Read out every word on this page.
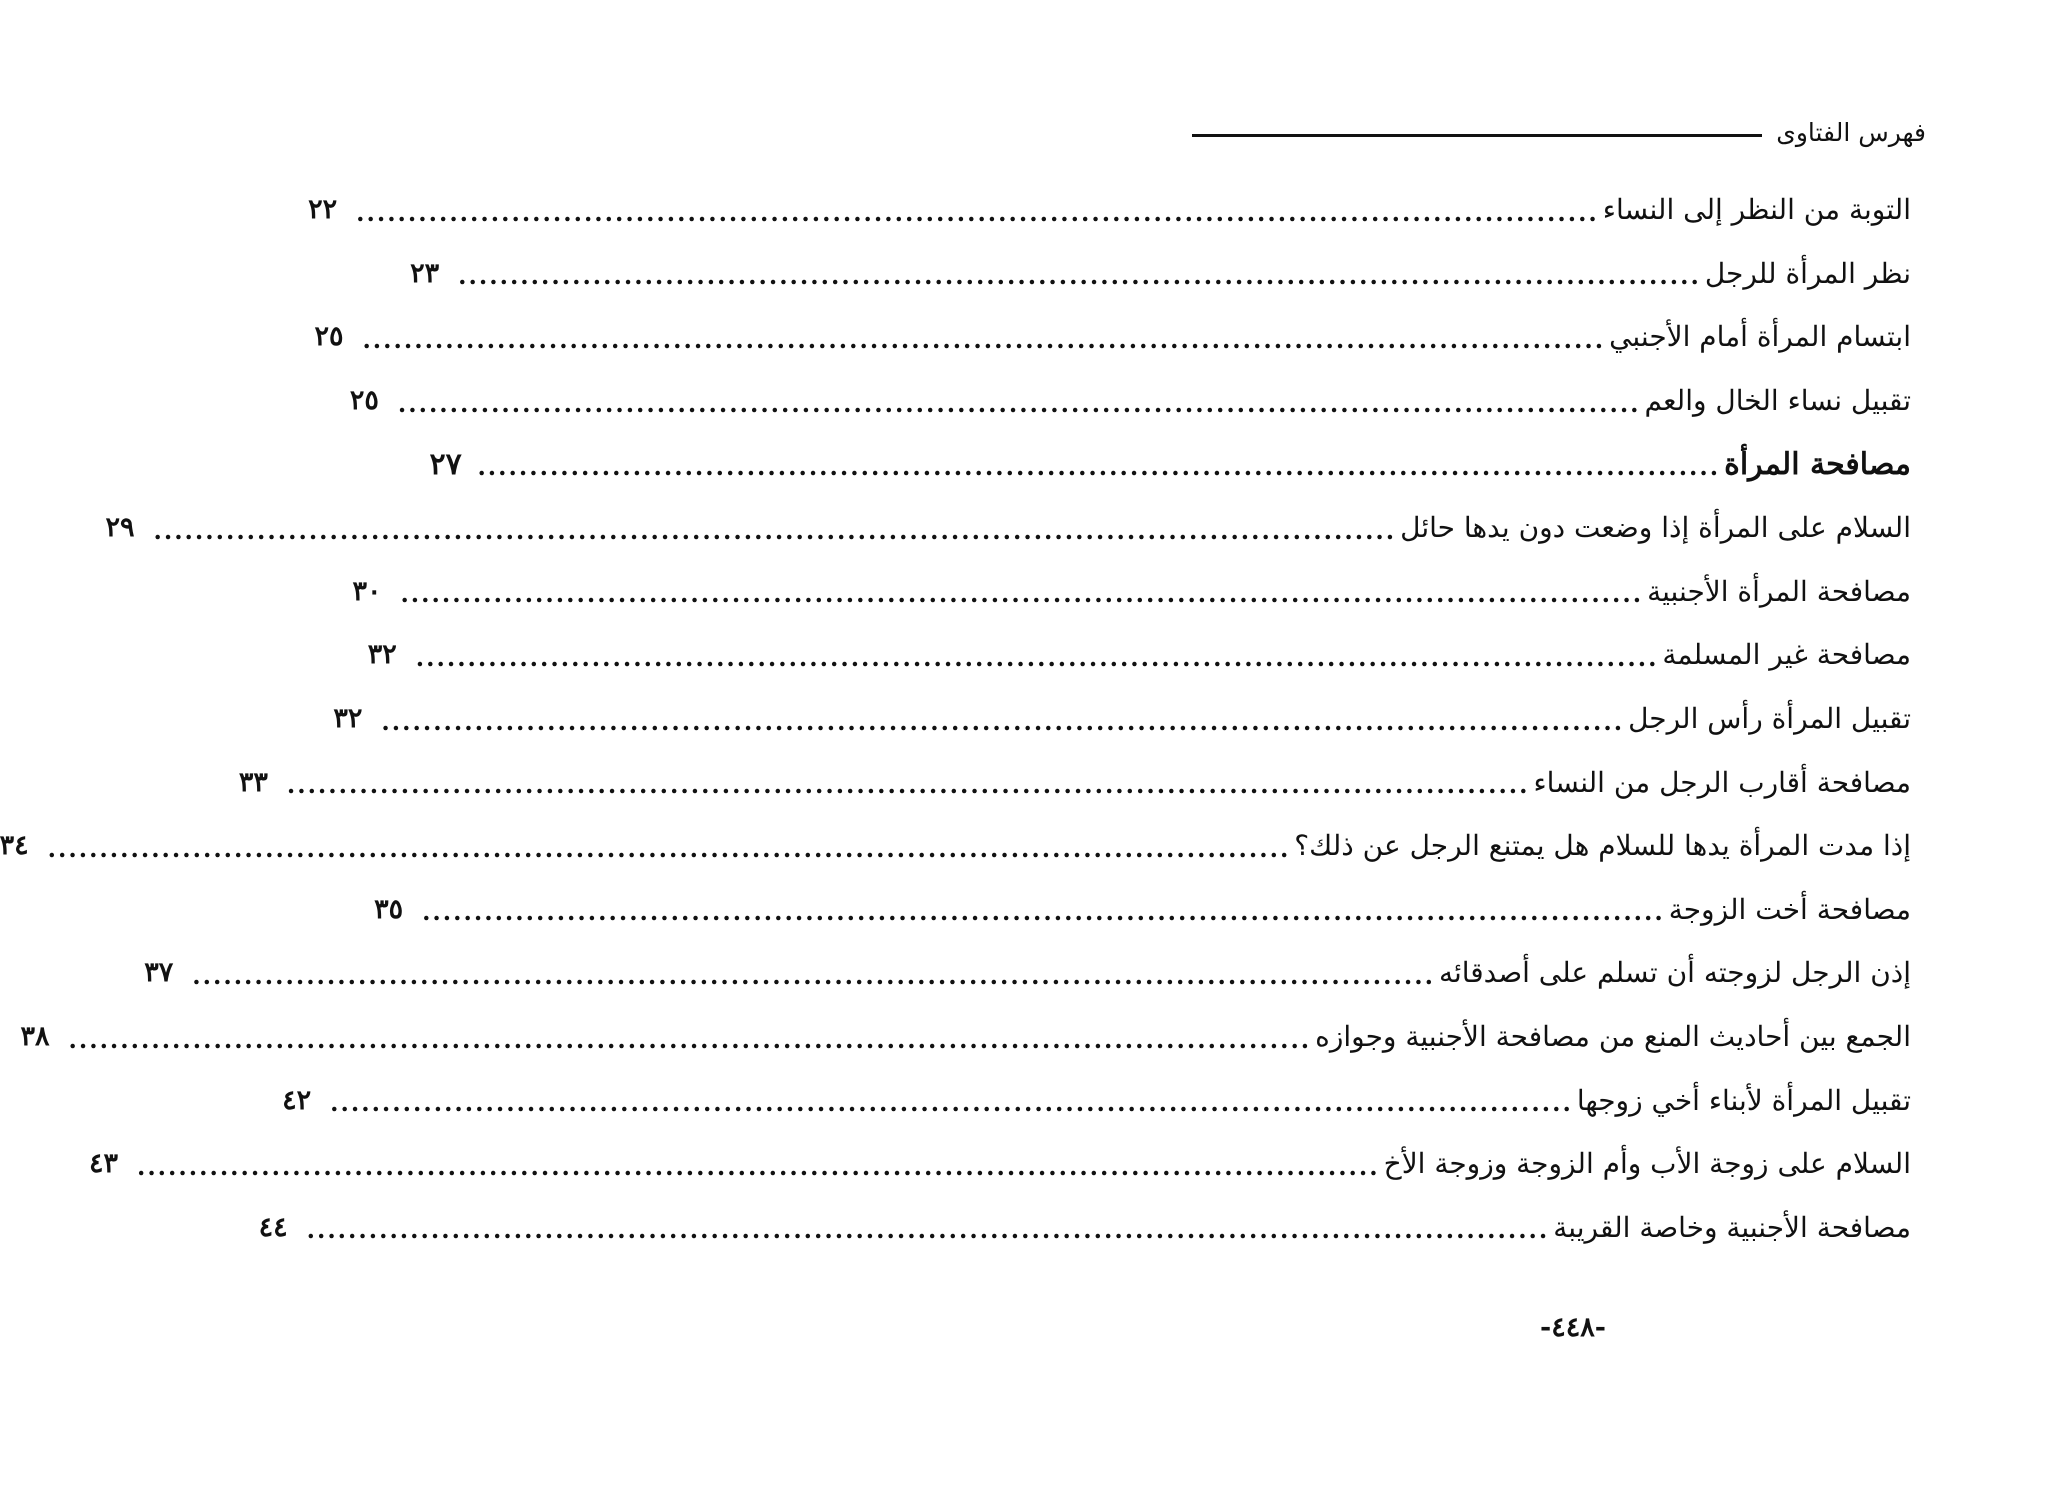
فهرس الفتاوى
التوبة من النظر إلى النساء
........................................................................................................................
٢٢
نظر المرأة للرجل
........................................................................................................................
٢٣
ابتسام المرأة أمام الأجنبي
........................................................................................................................
٢٥
تقبيل نساء الخال والعم
........................................................................................................................
٢٥
مصافحة المرأة
........................................................................................................................
٢٧
السلام على المرأة إذا وضعت دون يدها حائل
........................................................................................................................
٢٩
مصافحة المرأة الأجنبية
........................................................................................................................
٣٠
مصافحة غير المسلمة
........................................................................................................................
٣٢
تقبيل المرأة رأس الرجل
........................................................................................................................
٣٢
مصافحة أقارب الرجل من النساء
........................................................................................................................
٣٣
إذا مدت المرأة يدها للسلام هل يمتنع الرجل عن ذلك؟
........................................................................................................................
٣٤
مصافحة أخت الزوجة
........................................................................................................................
٣٥
إذن الرجل لزوجته أن تسلم على أصدقائه
........................................................................................................................
٣٧
الجمع بين أحاديث المنع من مصافحة الأجنبية وجوازه
........................................................................................................................
٣٨
تقبيل المرأة لأبناء أخي زوجها
........................................................................................................................
٤٢
السلام على زوجة الأب وأم الزوجة وزوجة الأخ
........................................................................................................................
٤٣
مصافحة الأجنبية وخاصة القريبة
........................................................................................................................
٤٤
-٤٤٨-
